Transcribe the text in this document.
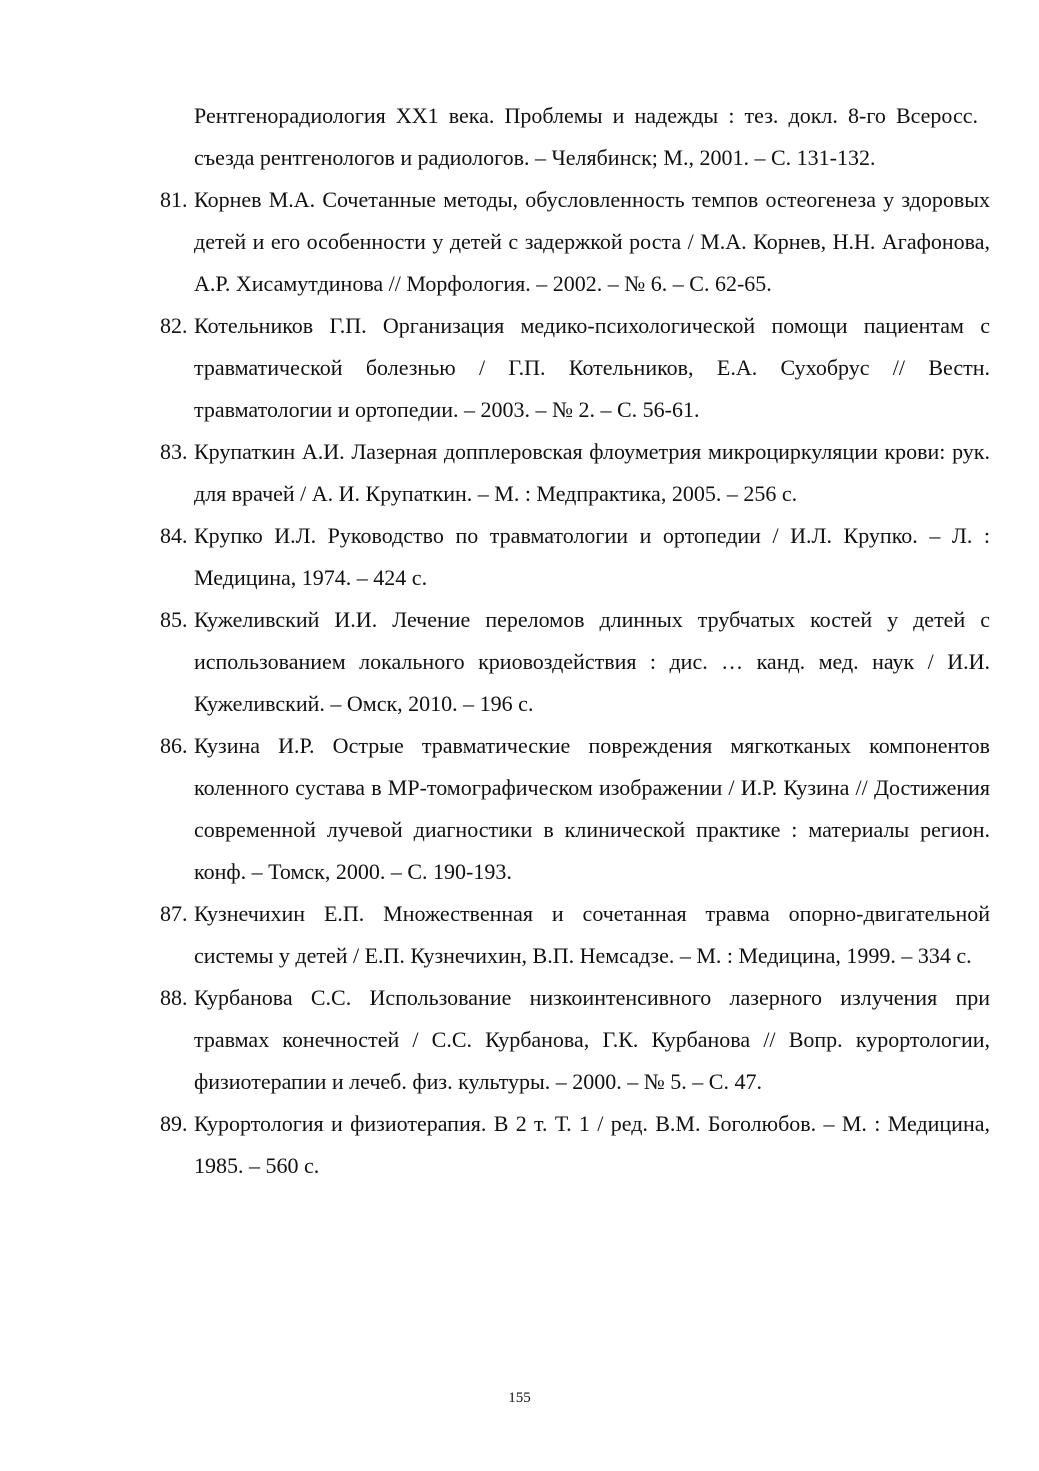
Рентгенорадиология XX1 века. Проблемы и надежды : тез. докл. 8-го Всеросс. съезда рентгенологов и радиологов. – Челябинск; М., 2001. – С. 131-132.
81. Корнев М.А. Сочетанные методы, обусловленность темпов остеогенеза у здоровых детей и его особенности у детей с задержкой роста / М.А. Корнев, Н.Н. Агафонова, А.Р. Хисамутдинова // Морфология. – 2002. – № 6. – С. 62-65.
82. Котельников Г.П. Организация медико-психологической помощи пациентам с травматической болезнью / Г.П. Котельников, Е.А. Сухобрус // Вестн. травматологии и ортопедии. – 2003. – № 2. – С. 56-61.
83. Крупаткин А.И. Лазерная допплеровская флоуметрия микроциркуляции крови: рук. для врачей / А. И. Крупаткин. – М. : Медпрактика, 2005. – 256 с.
84. Крупко И.Л. Руководство по травматологии и ортопедии / И.Л. Крупко. – Л. : Медицина, 1974. – 424 с.
85. Кужеливский И.И. Лечение переломов длинных трубчатых костей у детей с использованием локального криовоздействия : дис. … канд. мед. наук / И.И. Кужеливский. – Омск, 2010. – 196 с.
86. Кузина И.Р. Острые травматические повреждения мягкотканых компонентов коленного сустава в МР-томографическом изображении / И.Р. Кузина // Достижения современной лучевой диагностики в клинической практике : материалы регион. конф. – Томск, 2000. – С. 190-193.
87. Кузнечихин Е.П. Множественная и сочетанная травма опорно-двигательной системы у детей / Е.П. Кузнечихин, В.П. Немсадзе. – М. : Медицина, 1999. – 334 с.
88. Курбанова С.С. Использование низкоинтенсивного лазерного излучения при травмах конечностей / С.С. Курбанова, Г.К. Курбанова // Вопр. курортологии, физиотерапии и лечеб. физ. культуры. – 2000. – № 5. – С. 47.
89. Курортология и физиотерапия. В 2 т. Т. 1 / ред. В.М. Боголюбов. – М. : Медицина, 1985. – 560 с.
155
